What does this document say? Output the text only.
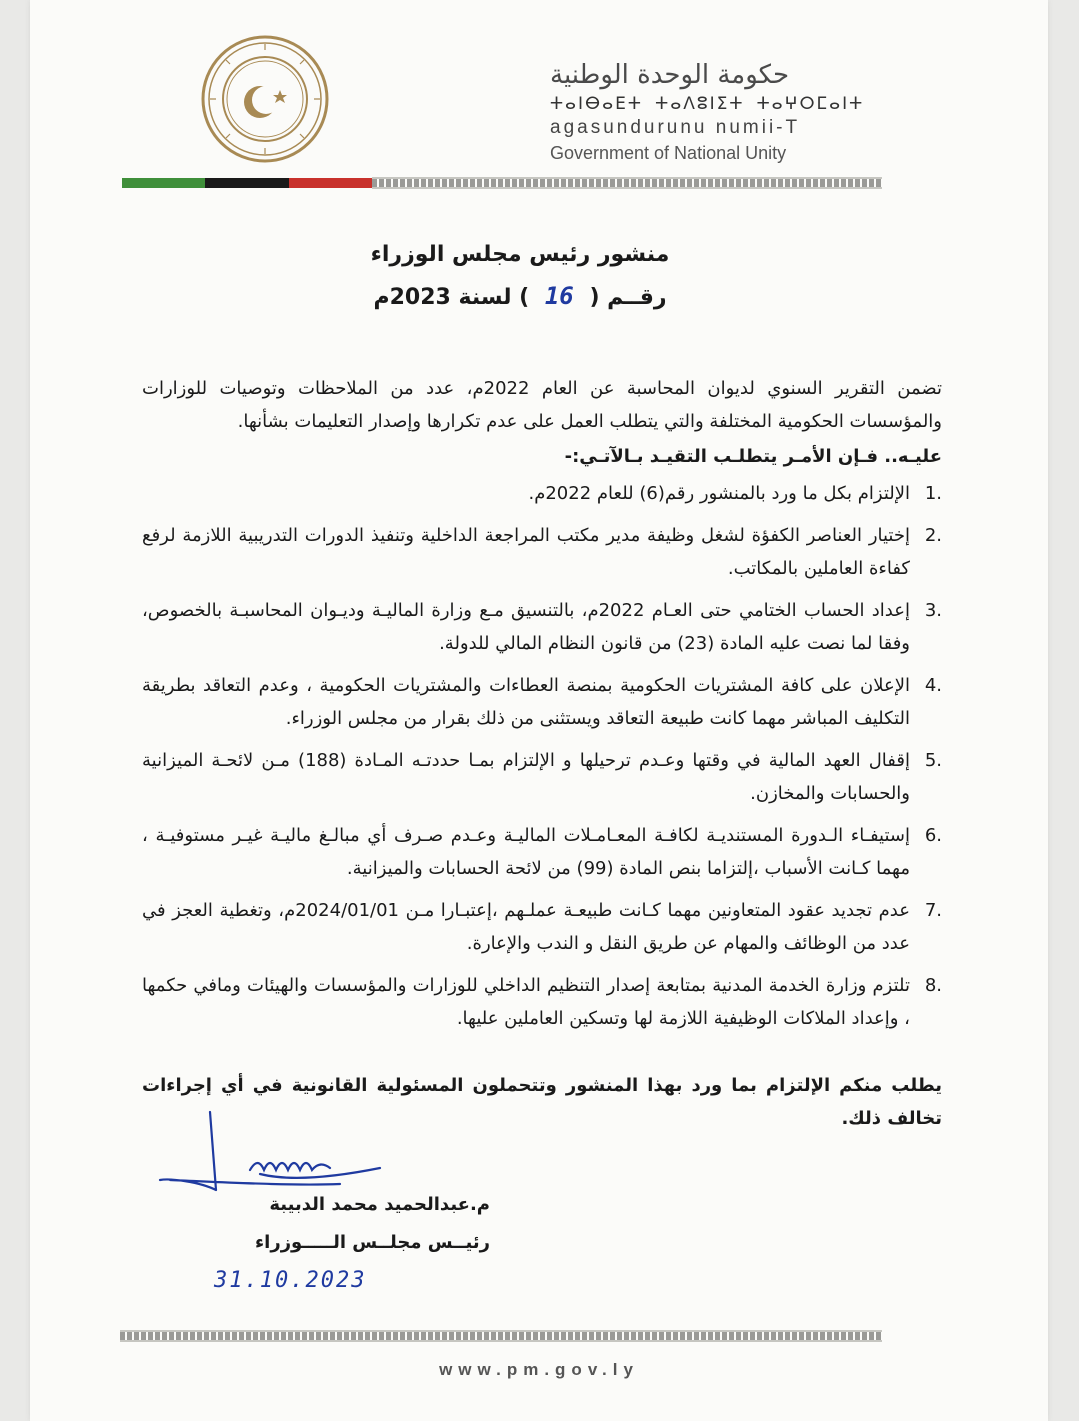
حكومة الوحدة الوطنية

ⵜⴰⵏⴱⴰⴹⵜ ⵜⴰⴷⵓⵏⵉⵜ ⵜⴰⵖⵔⵎⴰⵏⵜ

agasundurunu numii-T

Government of National Unity

منشور رئيس مجلس الوزراء
رقــم ( 16 ) لسنة 2023م

تضمن التقرير السنوي لديوان المحاسبة عن العام 2022م، عدد من الملاحظات وتوصيات للوزارات والمؤسسات الحكومية المختلفة والتي يتطلب العمل على عدم تكرارها وإصدار التعليمات بشأنها.

عليـه.. فـإن الأمـر يتطلـب التقيـد بـالآتـي:-

.1
الإلتزام بكل ما ورد بالمنشور رقم(6) للعام 2022م.
.2
إختيار العناصر الكفؤة لشغل وظيفة مدير مكتب المراجعة الداخلية وتنفيذ الدورات التدريبية اللازمة لرفع كفاءة العاملين بالمكاتب.
.3
إعداد الحساب الختامي حتى العـام 2022م، بالتنسيق مـع وزارة الماليـة وديـوان المحاسبـة بالخصوص، وفقا لما نصت عليه المادة (23) من قانون النظام المالي للدولة.
.4
الإعلان على كافة المشتريات الحكومية بمنصة العطاءات والمشتريات الحكومية ، وعدم التعاقد بطريقة التكليف المباشر مهما كانت طبيعة التعاقد ويستثنى من ذلك بقرار من مجلس الوزراء.
.5
إقفال العهد المالية في وقتها وعـدم ترحيلها و الإلتزام بمـا حددتـه المـادة (188) مـن لائحـة الميزانية والحسابات والمخازن.
.6
إستيفـاء الـدورة المستنديـة لكافـة المعـامـلات الماليـة وعـدم صـرف أي مبالـغ ماليـة غيـر مستوفيـة ، مهما كـانت الأسباب ،إلتزاما بنص المادة (99) من لائحة الحسابات والميزانية.
.7
عدم تجديد عقود المتعاونين مهما كـانت طبيعـة عملـهم ،إعتبـارا مـن 2024/01/01م، وتغطية العجز في عدد من الوظائف والمهام عن طريق النقل و الندب والإعارة.
.8
تلتزم وزارة الخدمة المدنية بمتابعة إصدار التنظيم الداخلي للوزارات والمؤسسات والهيئات ومافي حكمها ، وإعداد الملاكات الوظيفية اللازمة لها وتسكين العاملين عليها.

يطلب منكم الإلتزام بما ورد بهذا المنشور وتتحملون المسئولية القانونية في أي إجراءات تخالف ذلك.

م.عبدالحميد محمد الدبيبة
رئيــس مجلــس الـــــوزراء
31.10.2023
www.pm.gov.ly
